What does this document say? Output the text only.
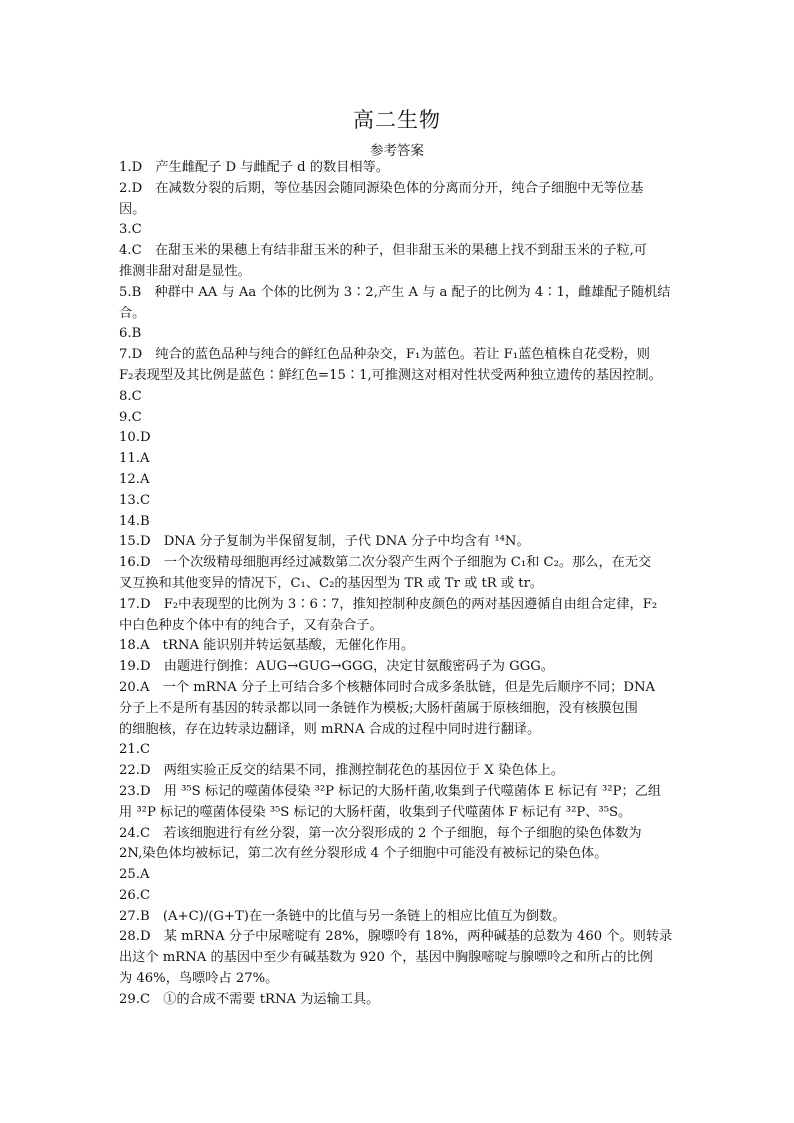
高二生物
参考答案
1.D　产生雌配子 D 与雌配子 d 的数目相等。
2.D　在减数分裂的后期，等位基因会随同源染色体的分离而分开，纯合子细胞中无等位基
因。
3.C
4.C　在甜玉米的果穗上有结非甜玉米的种子，但非甜玉米的果穗上找不到甜玉米的子粒,可
推测非甜对甜是显性。
5.B　种群中 AA 与 Aa 个体的比例为 3∶2,产生 A 与 a 配子的比例为 4∶1，雌雄配子随机结
合。
6.B
7.D　纯合的蓝色品种与纯合的鲜红色品种杂交，F₁为蓝色。若让 F₁蓝色植株自花受粉，则
F₂表现型及其比例是蓝色∶鲜红色=15∶1,可推测这对相对性状受两种独立遗传的基因控制。
8.C
9.C
10.D
11.A
12.A
13.C
14.B
15.D　DNA 分子复制为半保留复制，子代 DNA 分子中均含有 ¹⁴N。
16.D　一个次级精母细胞再经过减数第二次分裂产生两个子细胞为 C₁和 C₂。那么，在无交
叉互换和其他变异的情况下，C₁、C₂的基因型为 TR 或 Tr 或 tR 或 tr。
17.D　F₂中表现型的比例为 3∶6∶7，推知控制种皮颜色的两对基因遵循自由组合定律，F₂
中白色种皮个体中有的纯合子，又有杂合子。
18.A　tRNA 能识别并转运氨基酸，无催化作用。
19.D　由题进行倒推：AUG→GUG→GGG，决定甘氨酸密码子为 GGG。
20.A　一个 mRNA 分子上可结合多个核糖体同时合成多条肽链，但是先后顺序不同；DNA
分子上不是所有基因的转录都以同一条链作为模板;大肠杆菌属于原核细胞，没有核膜包围
的细胞核，存在边转录边翻译，则 mRNA 合成的过程中同时进行翻译。
21.C
22.D　两组实验正反交的结果不同，推测控制花色的基因位于 X 染色体上。
23.D　用 ³⁵S 标记的噬菌体侵染 ³²P 标记的大肠杆菌,收集到子代噬菌体 E 标记有 ³²P；乙组
用 ³²P 标记的噬菌体侵染 ³⁵S 标记的大肠杆菌，收集到子代噬菌体 F 标记有 ³²P、³⁵S。
24.C　若该细胞进行有丝分裂，第一次分裂形成的 2 个子细胞，每个子细胞的染色体数为
2N,染色体均被标记，第二次有丝分裂形成 4 个子细胞中可能没有被标记的染色体。
25.A
26.C
27.B　(A+C)/(G+T)在一条链中的比值与另一条链上的相应比值互为倒数。
28.D　某 mRNA 分子中尿嘧啶有 28%，腺嘌呤有 18%，两种碱基的总数为 460 个。则转录
出这个 mRNA 的基因中至少有碱基数为 920 个，基因中胸腺嘧啶与腺嘌呤之和所占的比例
为 46%，鸟嘌呤占 27%。
29.C　①的合成不需要 tRNA 为运输工具。
